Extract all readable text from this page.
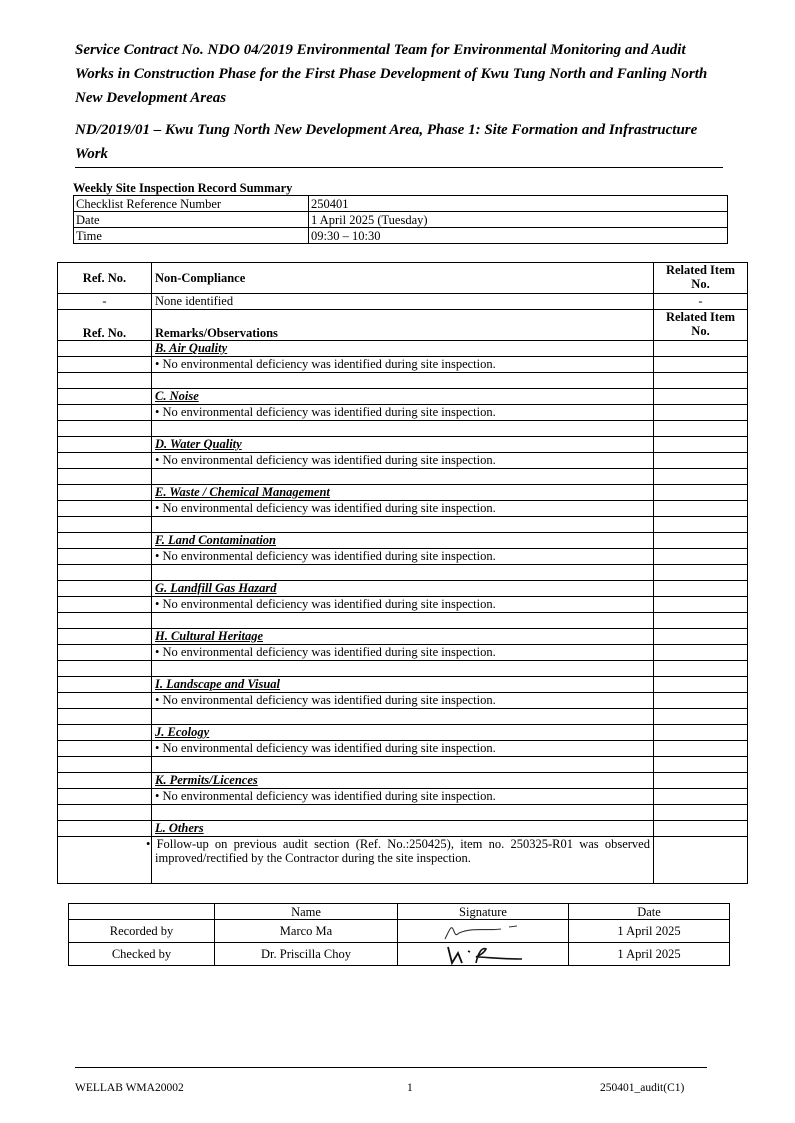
Service Contract No. NDO 04/2019 Environmental Team for Environmental Monitoring and Audit Works in Construction Phase for the First Phase Development of Kwu Tung North and Fanling North New Development Areas

ND/2019/01 – Kwu Tung North New Development Area, Phase 1: Site Formation and Infrastructure Work

Weekly Site Inspection Record Summary
Checklist Reference Number	250401
Date	1 April 2025 (Tuesday)
Time	09:30 – 10:30
Ref. No.	Non-Compliance	Related Item No.
-	None identified	-
Ref. No.	Remarks/Observations	Related Item No.
	B. Air Quality	
	• No environmental deficiency was identified during site inspection.	

	C. Noise	
	• No environmental deficiency was identified during site inspection.	

	D. Water Quality	
	• No environmental deficiency was identified during site inspection.	

	E. Waste / Chemical Management	
	• No environmental deficiency was identified during site inspection.	

	F. Land Contamination	
	• No environmental deficiency was identified during site inspection.	

	G. Landfill Gas Hazard	
	• No environmental deficiency was identified during site inspection.	

	H. Cultural Heritage	
	• No environmental deficiency was identified during site inspection.	

	I. Landscape and Visual	
	• No environmental deficiency was identified during site inspection.	

	J. Ecology	
	• No environmental deficiency was identified during site inspection.	

	K. Permits/Licences	
	• No environmental deficiency was identified during site inspection.	

	L. Others	
	• Follow-up on previous audit section (Ref. No.:250425), item no. 250325-R01 was observed improved/rectified by the Contractor during the site inspection.	
	Name	Signature	Date
Recorded by	Marco Ma		1 April 2025
Checked by	Dr. Priscilla Choy		1 April 2025
WELLAB WMA20002	1	250401_audit(C1)
